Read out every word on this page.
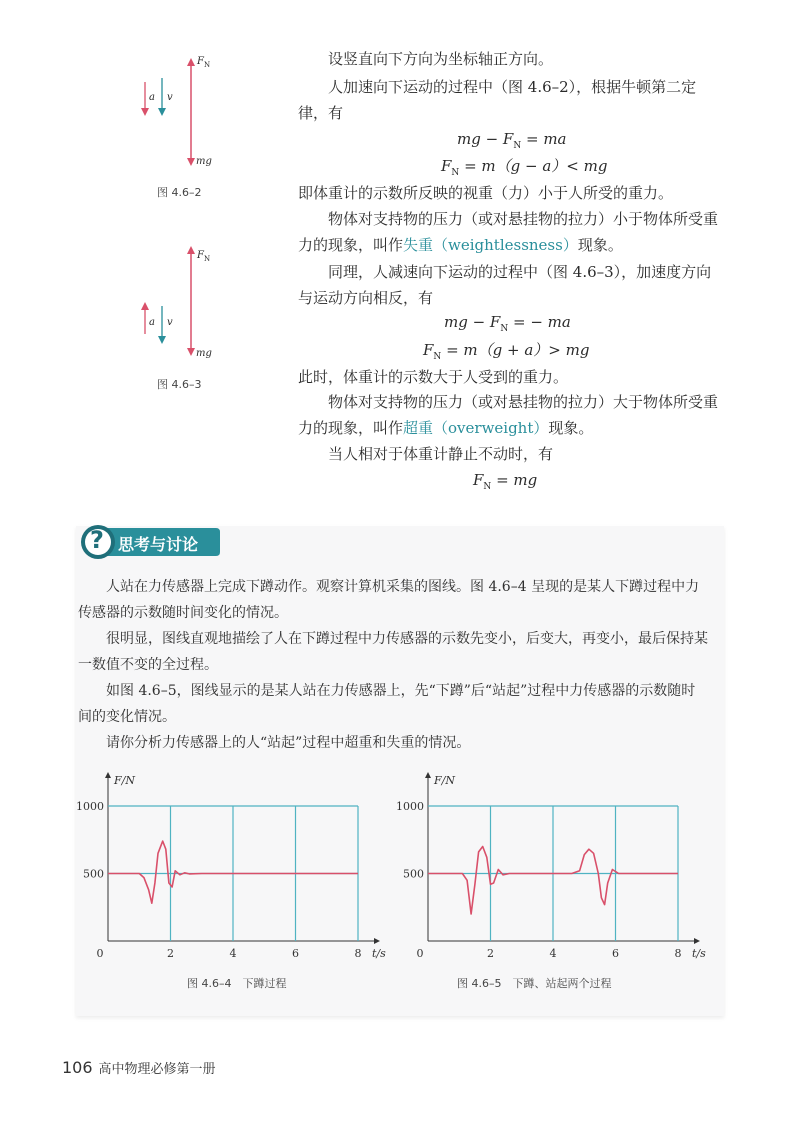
$F_N$
a v
mg
图 4.6–2
$F_N$
a v
mg
图 4.6–3

设竖直向下方向为坐标轴正方向。

人加速向下运动的过程中（图 4.6–2），根据牛顿第二定律，有

mg − $F_N$ = ma
$F_N = m(g - a)<$ mg

即体重计的示数所反映的视重（力）小于人所受的重力。

物体对支持物的压力（或对悬挂物的拉力）小于物体所受重力的现象，叫作失重（weightlessness）现象。

同理，人减速向下运动的过程中（图 4.6–3），加速度方向与运动方向相反，有

mg − $F_N$ = − ma
$F_N = m(g + a)>$ mg

此时，体重计的示数大于人受到的重力。

物体对支持物的压力（或对悬挂物的拉力）大于物体所受重力的现象，叫作超重（overweight）现象。

当人相对于体重计静止不动时，有

$F_N$ = mg
? 思考与讨论

人站在力传感器上完成下蹲动作。观察计算机采集的图线。图 4.6–4 呈现的是某人下蹲过程中力传感器的示数随时间变化的情况。

很明显，图线直观地描绘了人在下蹲过程中力传感器的示数先变小，后变大，再变小，最后保持某一数值不变的全过程。

如图 4.6–5，图线显示的是某人站在力传感器上，先“下蹲”后“站起”过程中力传感器的示数随时间的变化情况。

请你分析力传感器上的人“站起”过程中超重和失重的情况。

0	2	4	6	8
500
1000
F/N
t/s	0	2	4	6	8
500
1000
F/N
t/s
图 4.6–4　下蹲过程	图 4.6–5　下蹲、站起两个过程
106 高中物理必修第一册
